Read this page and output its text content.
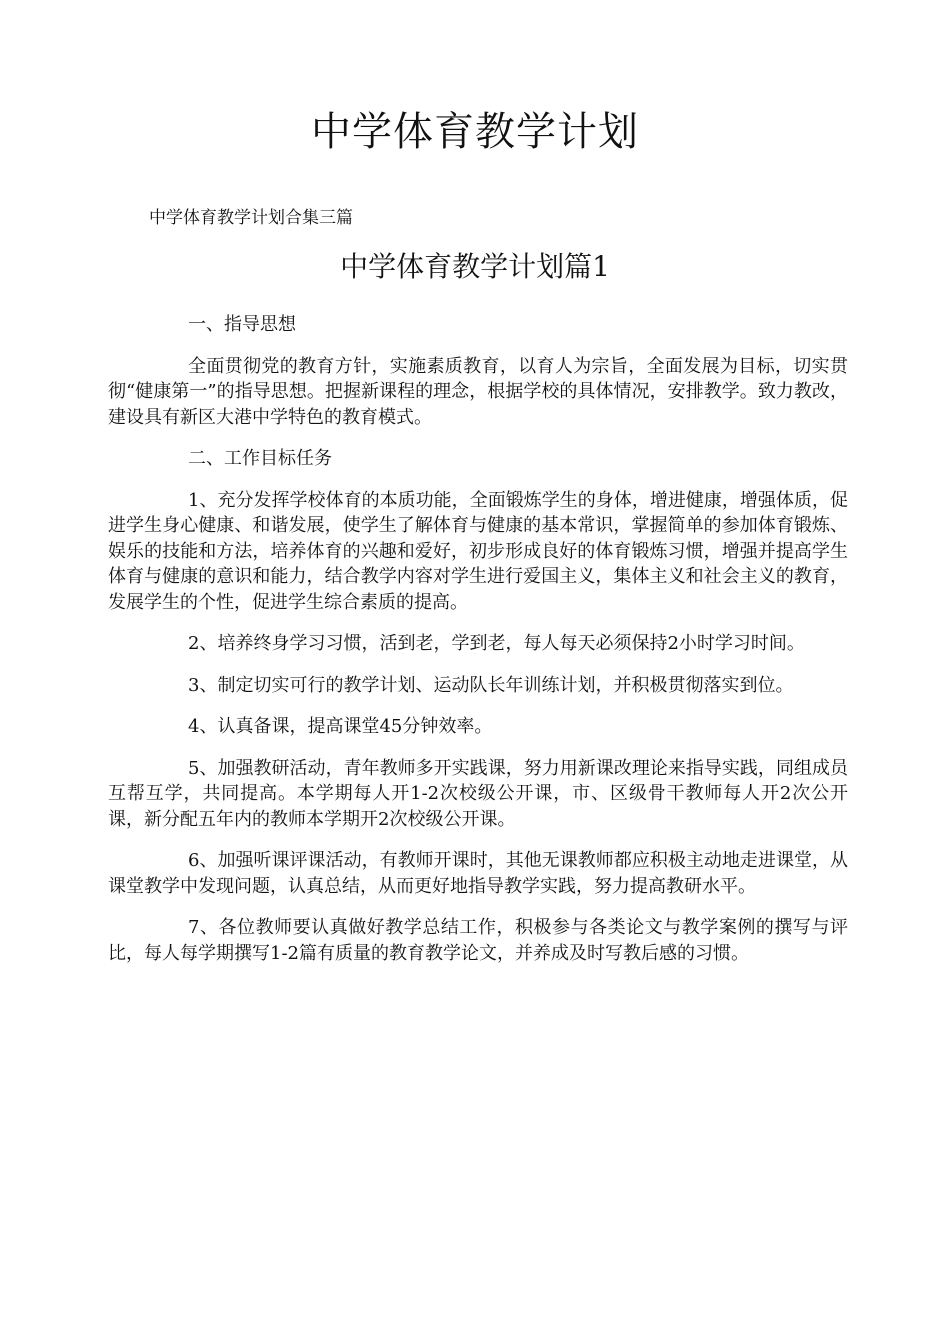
中学体育教学计划

中学体育教学计划合集三篇

中学体育教学计划篇1

一、指导思想

全面贯彻党的教育方针，实施素质教育，以育人为宗旨，全面发展为目标，切实贯彻“健康第一”的指导思想。把握新课程的理念，根据学校的具体情况，安排教学。致力教改，建设具有新区大港中学特色的教育模式。

二、工作目标任务

1、充分发挥学校体育的本质功能，全面锻炼学生的身体，增进健康，增强体质，促进学生身心健康、和谐发展，使学生了解体育与健康的基本常识，掌握简单的参加体育锻炼、娱乐的技能和方法，培养体育的兴趣和爱好，初步形成良好的体育锻炼习惯，增强并提高学生体育与健康的意识和能力，结合教学内容对学生进行爱国主义，集体主义和社会主义的教育，发展学生的个性，促进学生综合素质的提高。

2、培养终身学习习惯，活到老，学到老，每人每天必须保持2小时学习时间。

3、制定切实可行的教学计划、运动队长年训练计划，并积极贯彻落实到位。

4、认真备课，提高课堂45分钟效率。

5、加强教研活动，青年教师多开实践课，努力用新课改理论来指导实践，同组成员互帮互学，共同提高。本学期每人开1-2次校级公开课，市、区级骨干教师每人开2次公开课，新分配五年内的教师本学期开2次校级公开课。

6、加强听课评课活动，有教师开课时，其他无课教师都应积极主动地走进课堂，从课堂教学中发现问题，认真总结，从而更好地指导教学实践，努力提高教研水平。

7、各位教师要认真做好教学总结工作，积极参与各类论文与教学案例的撰写与评比，每人每学期撰写1-2篇有质量的教育教学论文，并养成及时写教后感的习惯。
